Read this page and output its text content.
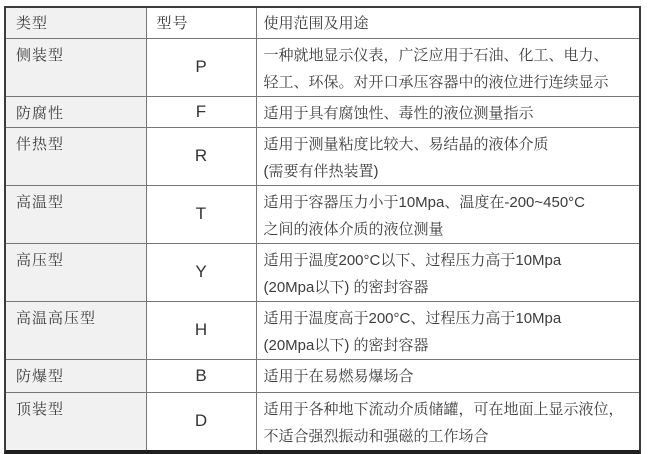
类型	型号	使用范围及用途
侧装型	P	一种就地显示仪表，广泛应用于石油、化工、电力、
轻工、环保。对开口承压容器中的液位进行连续显示

防腐性	F	适用于具有腐蚀性、毒性的液位测量指示

伴热型	R	适用于测量粘度比较大、易结晶的液体介质
(需要有伴热装置)

高温型	T	适用于容器压力小于10Mpa、温度在-200~450°C
之间的液体介质的液位测量

高压型	Y	适用于温度200°C以下、过程压力高于10Mpa
(20Mpa以下) 的密封容器

高温高压型	H	适用于温度高于200°C、过程压力高于10Mpa
(20Mpa以下) 的密封容器

防爆型	B	适用于在易燃易爆场合

顶装型	D	适用于各种地下流动介质储罐，可在地面上显示液位，
不适合强烈振动和强磁的工作场合
